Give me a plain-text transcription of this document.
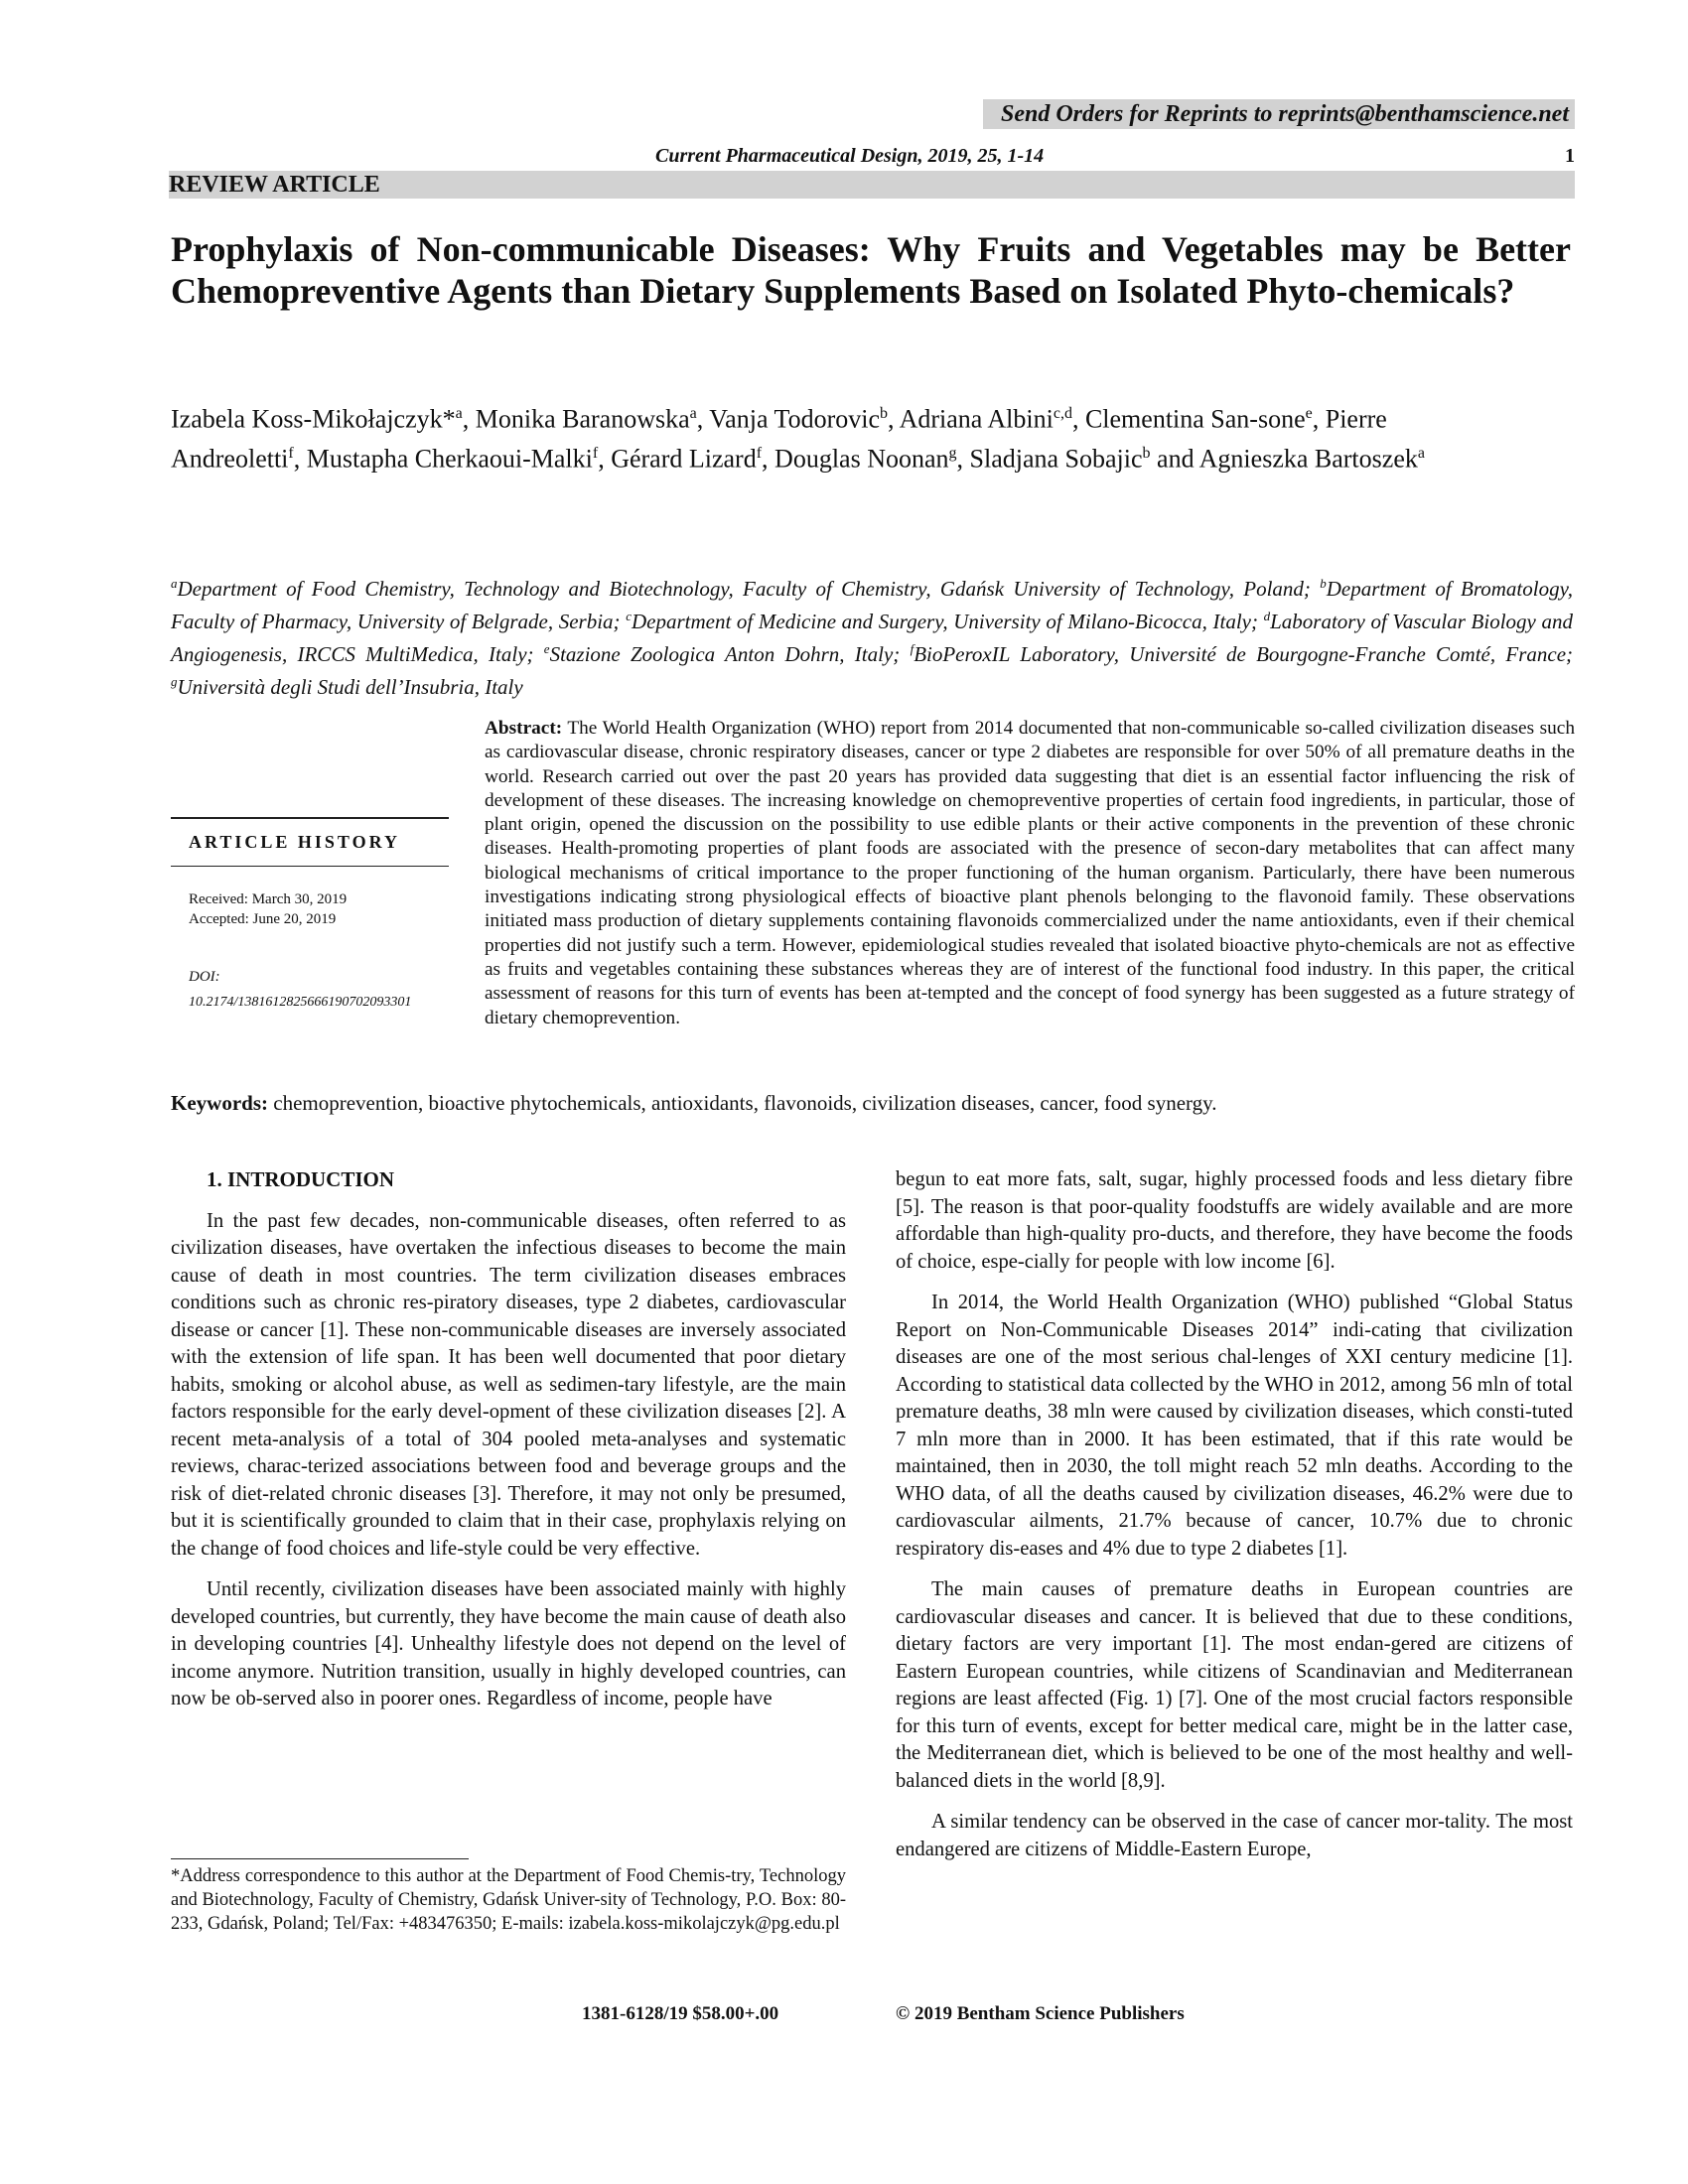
Send Orders for Reprints to reprints@benthamscience.net
Current Pharmaceutical Design, 2019, 25, 1-14	1
REVIEW ARTICLE
Prophylaxis of Non-communicable Diseases: Why Fruits and Vegetables may be Better Chemopreventive Agents than Dietary Supplements Based on Isolated Phyto-chemicals?
Izabela Koss-Mikołajczyk*$^a$, Monika Baranowska$^a$, Vanja Todorovic$^b$, Adriana Albini$^{c,d}$, Clementina San-sone$^e$, Pierre Andreoletti$^f$, Mustapha Cherkaoui-Malki$^f$, Gérard Lizard$^f$, Douglas Noonan$^g$, Sladjana Sobajic$^b$ and Agnieszka Bartoszek$^a$
$^a$Department of Food Chemistry, Technology and Biotechnology, Faculty of Chemistry, Gdańsk University of Technology, Poland; $^b$Department of Bromatology, Faculty of Pharmacy, University of Belgrade, Serbia; $^c$Department of Medicine and Surgery, University of Milano-Bicocca, Italy; $^d$Laboratory of Vascular Biology and Angiogenesis, IRCCS MultiMedica, Italy; $^e$Stazione Zoologica Anton Dohrn, Italy; $^f$BioPeroxIL Laboratory, Université de Bourgogne-Franche Comté, France; $^g$Università degli Studi dell’Insubria, Italy
ARTICLE HISTORY
Received: March 30, 2019
Accepted: June 20, 2019
DOI:
10.2174/1381612825666190702093301
Abstract: The World Health Organization (WHO) report from 2014 documented that non-communicable so-called civilization diseases such as cardiovascular disease, chronic respiratory diseases, cancer or type 2 diabetes are responsible for over 50% of all premature deaths in the world. Research carried out over the past 20 years has provided data suggesting that diet is an essential factor influencing the risk of development of these diseases. The increasing knowledge on chemopreventive properties of certain food ingredients, in particular, those of plant origin, opened the discussion on the possibility to use edible plants or their active components in the prevention of these chronic diseases. Health-promoting properties of plant foods are associated with the presence of secon-dary metabolites that can affect many biological mechanisms of critical importance to the proper functioning of the human organism. Particularly, there have been numerous investigations indicating strong physiological effects of bioactive plant phenols belonging to the flavonoid family. These observations initiated mass production of dietary supplements containing flavonoids commercialized under the name antioxidants, even if their chemical properties did not justify such a term. However, epidemiological studies revealed that isolated bioactive phyto-chemicals are not as effective as fruits and vegetables containing these substances whereas they are of interest of the functional food industry. In this paper, the critical assessment of reasons for this turn of events has been at-tempted and the concept of food synergy has been suggested as a future strategy of dietary chemoprevention.
Keywords: chemoprevention, bioactive phytochemicals, antioxidants, flavonoids, civilization diseases, cancer, food synergy.

1. INTRODUCTION

In the past few decades, non-communicable diseases, often referred to as civilization diseases, have overtaken the infectious diseases to become the main cause of death in most countries. The term civilization diseases embraces conditions such as chronic res-piratory diseases, type 2 diabetes, cardiovascular disease or cancer [1]. These non-communicable diseases are inversely associated with the extension of life span. It has been well documented that poor dietary habits, smoking or alcohol abuse, as well as sedimen-tary lifestyle, are the main factors responsible for the early devel-opment of these civilization diseases [2]. A recent meta-analysis of a total of 304 pooled meta-analyses and systematic reviews, charac-terized associations between food and beverage groups and the risk of diet-related chronic diseases [3]. Therefore, it may not only be presumed, but it is scientifically grounded to claim that in their case, prophylaxis relying on the change of food choices and life-style could be very effective.

Until recently, civilization diseases have been associated mainly with highly developed countries, but currently, they have become the main cause of death also in developing countries [4]. Unhealthy lifestyle does not depend on the level of income anymore. Nutrition transition, usually in highly developed countries, can now be ob-served also in poorer ones. Regardless of income, people have

begun to eat more fats, salt, sugar, highly processed foods and less dietary fibre [5]. The reason is that poor-quality foodstuffs are widely available and are more affordable than high-quality pro-ducts, and therefore, they have become the foods of choice, espe-cially for people with low income [6].

In 2014, the World Health Organization (WHO) published “Global Status Report on Non-Communicable Diseases 2014” indi-cating that civilization diseases are one of the most serious chal-lenges of XXI century medicine [1]. According to statistical data collected by the WHO in 2012, among 56 mln of total premature deaths, 38 mln were caused by civilization diseases, which consti-tuted 7 mln more than in 2000. It has been estimated, that if this rate would be maintained, then in 2030, the toll might reach 52 mln deaths. According to the WHO data, of all the deaths caused by civilization diseases, 46.2% were due to cardiovascular ailments, 21.7% because of cancer, 10.7% due to chronic respiratory dis-eases and 4% due to type 2 diabetes [1].

The main causes of premature deaths in European countries are cardiovascular diseases and cancer. It is believed that due to these conditions, dietary factors are very important [1]. The most endan-gered are citizens of Eastern European countries, while citizens of Scandinavian and Mediterranean regions are least affected (Fig. 1) [7]. One of the most crucial factors responsible for this turn of events, except for better medical care, might be in the latter case, the Mediterranean diet, which is believed to be one of the most healthy and well-balanced diets in the world [8,9].

A similar tendency can be observed in the case of cancer mor-tality. The most endangered are citizens of Middle-Eastern Europe,

*Address correspondence to this author at the Department of Food Chemis-try, Technology and Biotechnology, Faculty of Chemistry, Gdańsk Univer-sity of Technology, P.O. Box: 80-233, Gdańsk, Poland; Tel/Fax: +483476350; E-mails: izabela.koss-mikolajczyk@pg.edu.pl
1381-6128/19 $58.00+.00	© 2019 Bentham Science Publishers
